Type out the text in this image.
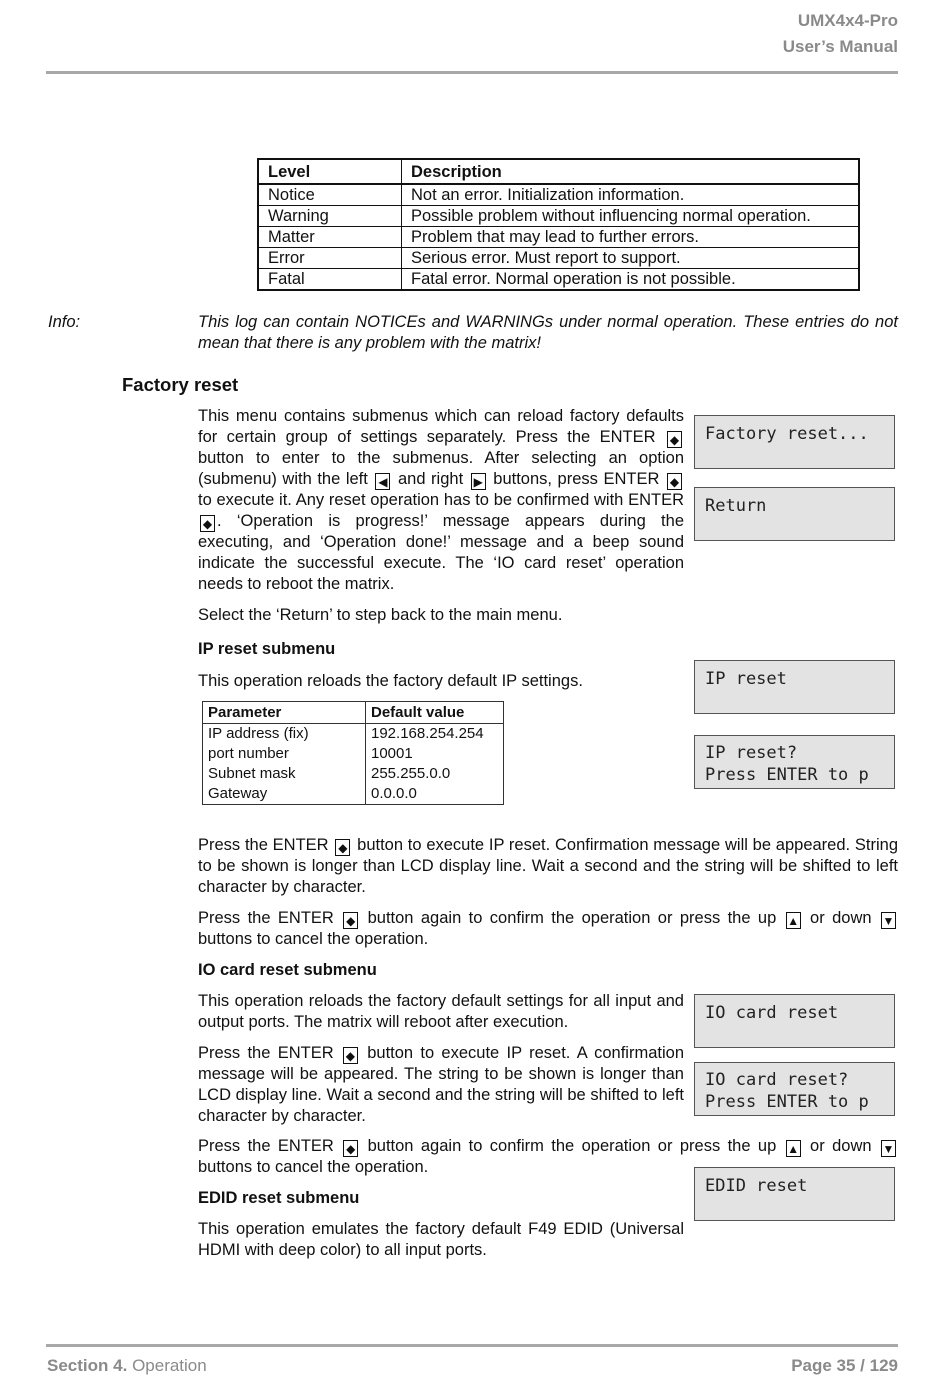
UMX4x4-Pro
User’s Manual
Level	Description
Notice	Not an error. Initialization information.
Warning	Possible problem without influencing normal operation.
Matter	Problem that may lead to further errors.
Error	Serious error. Must report to support.
Fatal	Fatal error. Normal operation is not possible.
Info:	This log can contain NOTICEs and WARNINGs under normal operation. These entries do not mean that there is any problem with the matrix!
Factory reset
This menu contains submenus which can reload factory defaults for certain group of settings separately. Press the ENTER ◆ button to enter to the submenus. After selecting an option (submenu) with the left ◀ and right ▶ buttons, press ENTER ◆ to execute it. Any reset operation has to be confirmed with ENTER ◆ . ‘Operation is progress!’ message appears during the executing, and ‘Operation done!’ message and a beep sound indicate the successful execute. The ‘IO card reset’ operation needs to reboot the matrix.
Select the ‘Return’ to step back to the main menu.
Factory reset...
Return
IP reset submenu
This operation reloads the factory default IP settings.
Parameter	Default value
IP address (fix)	192.168.254.254
port number	10001
Subnet mask	255.255.0.0
Gateway	0.0.0.0
IP reset
IP reset?
Press ENTER to p
Press the ENTER ◆ button to execute IP reset. Confirmation message will be appeared. String to be shown is longer than LCD display line. Wait a second and the string will be shifted to left character by character.
Press the ENTER ◆ button again to confirm the operation or press the up ▲ or down ▼ buttons to cancel the operation.
IO card reset submenu
This operation reloads the factory default settings for all input and output ports. The matrix will reboot after execution.
Press the ENTER ◆ button to execute IP reset. A confirmation message will be appeared. The string to be shown is longer than LCD display line. Wait a second and the string will be shifted to left character by character.
Press the ENTER ◆ button again to confirm the operation or press the up ▲ or down ▼ buttons to cancel the operation.
IO card reset
IO card reset?
Press ENTER to p
EDID reset submenu
This operation emulates the factory default F49 EDID (Universal HDMI with deep color) to all input ports.
EDID reset
Section 4. Operation	Page 35 / 129
